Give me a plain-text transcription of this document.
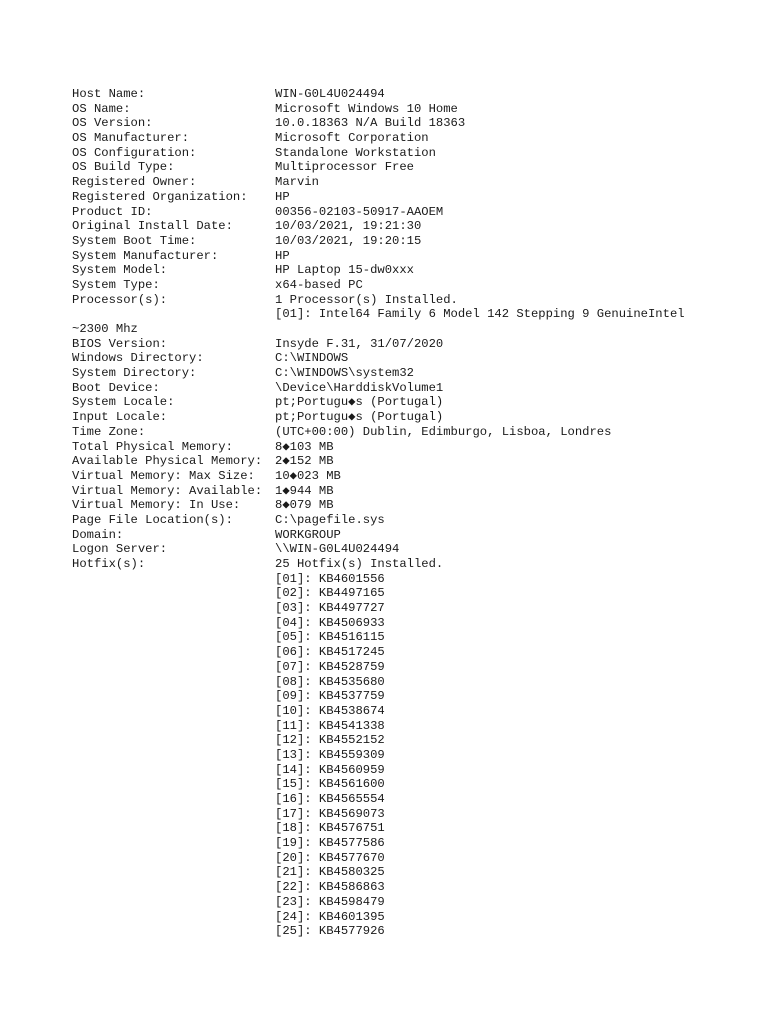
Host Name:	WIN-G0L4U024494
OS Name:	Microsoft Windows 10 Home
OS Version:	10.0.18363 N/A Build 18363
OS Manufacturer:	Microsoft Corporation
OS Configuration:	Standalone Workstation
OS Build Type:	Multiprocessor Free
Registered Owner:	Marvin
Registered Organization: HP
Product ID:	00356-02103-50917-AAOEM
Original Install Date:	10/03/2021, 19:21:30
System Boot Time:	10/03/2021, 19:20:15
System Manufacturer:	HP
System Model:	HP Laptop 15-dw0xxx
System Type:	x64-based PC
Processor(s):	1 Processor(s) Installed.
[01]: Intel64 Family 6 Model 142 Stepping 9 GenuineIntel
~2300 Mhz
BIOS Version:	Insyde F.31, 31/07/2020
Windows Directory:	C:\WINDOWS
System Directory:	C:\WINDOWS\system32
Boot Device:	\Device\HarddiskVolume1
System Locale:	pt;Portugu◆s (Portugal)
Input Locale:	pt;Portugu◆s (Portugal)
Time Zone:	(UTC+00:00) Dublin, Edimburgo, Lisboa, Londres
Total Physical Memory:	8◆103 MB
Available Physical Memory: 2◆152 MB
Virtual Memory: Max Size: 10◆023 MB
Virtual Memory: Available: 1◆944 MB
Virtual Memory: In Use:	8◆079 MB
Page File Location(s):	C:\pagefile.sys
Domain:	WORKGROUP
Logon Server:	\\WIN-G0L4U024494
Hotfix(s):	25 Hotfix(s) Installed.
[01]: KB4601556
[02]: KB4497165
[03]: KB4497727
[04]: KB4506933
[05]: KB4516115
[06]: KB4517245
[07]: KB4528759
[08]: KB4535680
[09]: KB4537759
[10]: KB4538674
[11]: KB4541338
[12]: KB4552152
[13]: KB4559309
[14]: KB4560959
[15]: KB4561600
[16]: KB4565554
[17]: KB4569073
[18]: KB4576751
[19]: KB4577586
[20]: KB4577670
[21]: KB4580325
[22]: KB4586863
[23]: KB4598479
[24]: KB4601395
[25]: KB4577926
